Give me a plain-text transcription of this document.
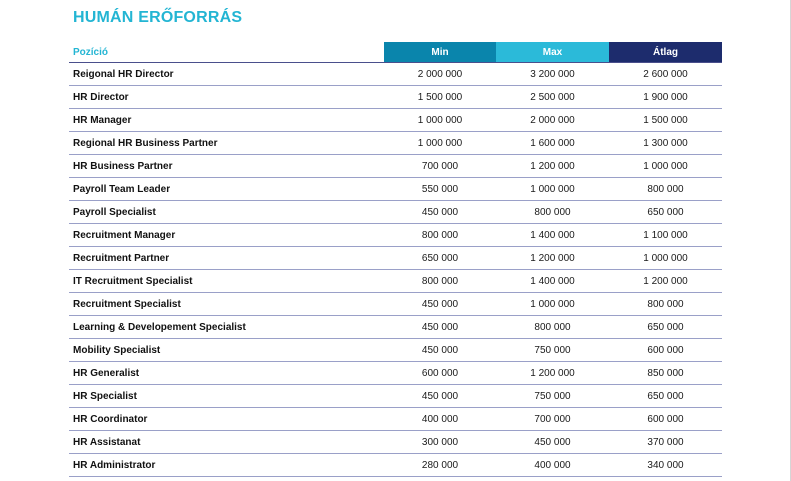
HUMÁN ERŐFORRÁS
Pozíció	Min	Max	Átlag
Reigonal HR Director	2 000 000	3 200 000	2 600 000
HR Director	1 500 000	2 500 000	1 900 000
HR Manager	1 000 000	2 000 000	1 500 000
Regional HR Business Partner	1 000 000	1 600 000	1 300 000
HR Business Partner	700 000	1 200 000	1 000 000
Payroll Team Leader	550 000	1 000 000	800 000
Payroll Specialist	450 000	800 000	650 000
Recruitment Manager	800 000	1 400 000	1 100 000
Recruitment Partner	650 000	1 200 000	1 000 000
IT Recruitment Specialist	800 000	1 400 000	1 200 000
Recruitment Specialist	450 000	1 000 000	800 000
Learning & Developement Specialist	450 000	800 000	650 000
Mobility Specialist	450 000	750 000	600 000
HR Generalist	600 000	1 200 000	850 000
HR Specialist	450 000	750 000	650 000
HR Coordinator	400 000	700 000	600 000
HR Assistanat	300 000	450 000	370 000
HR Administrator	280 000	400 000	340 000
